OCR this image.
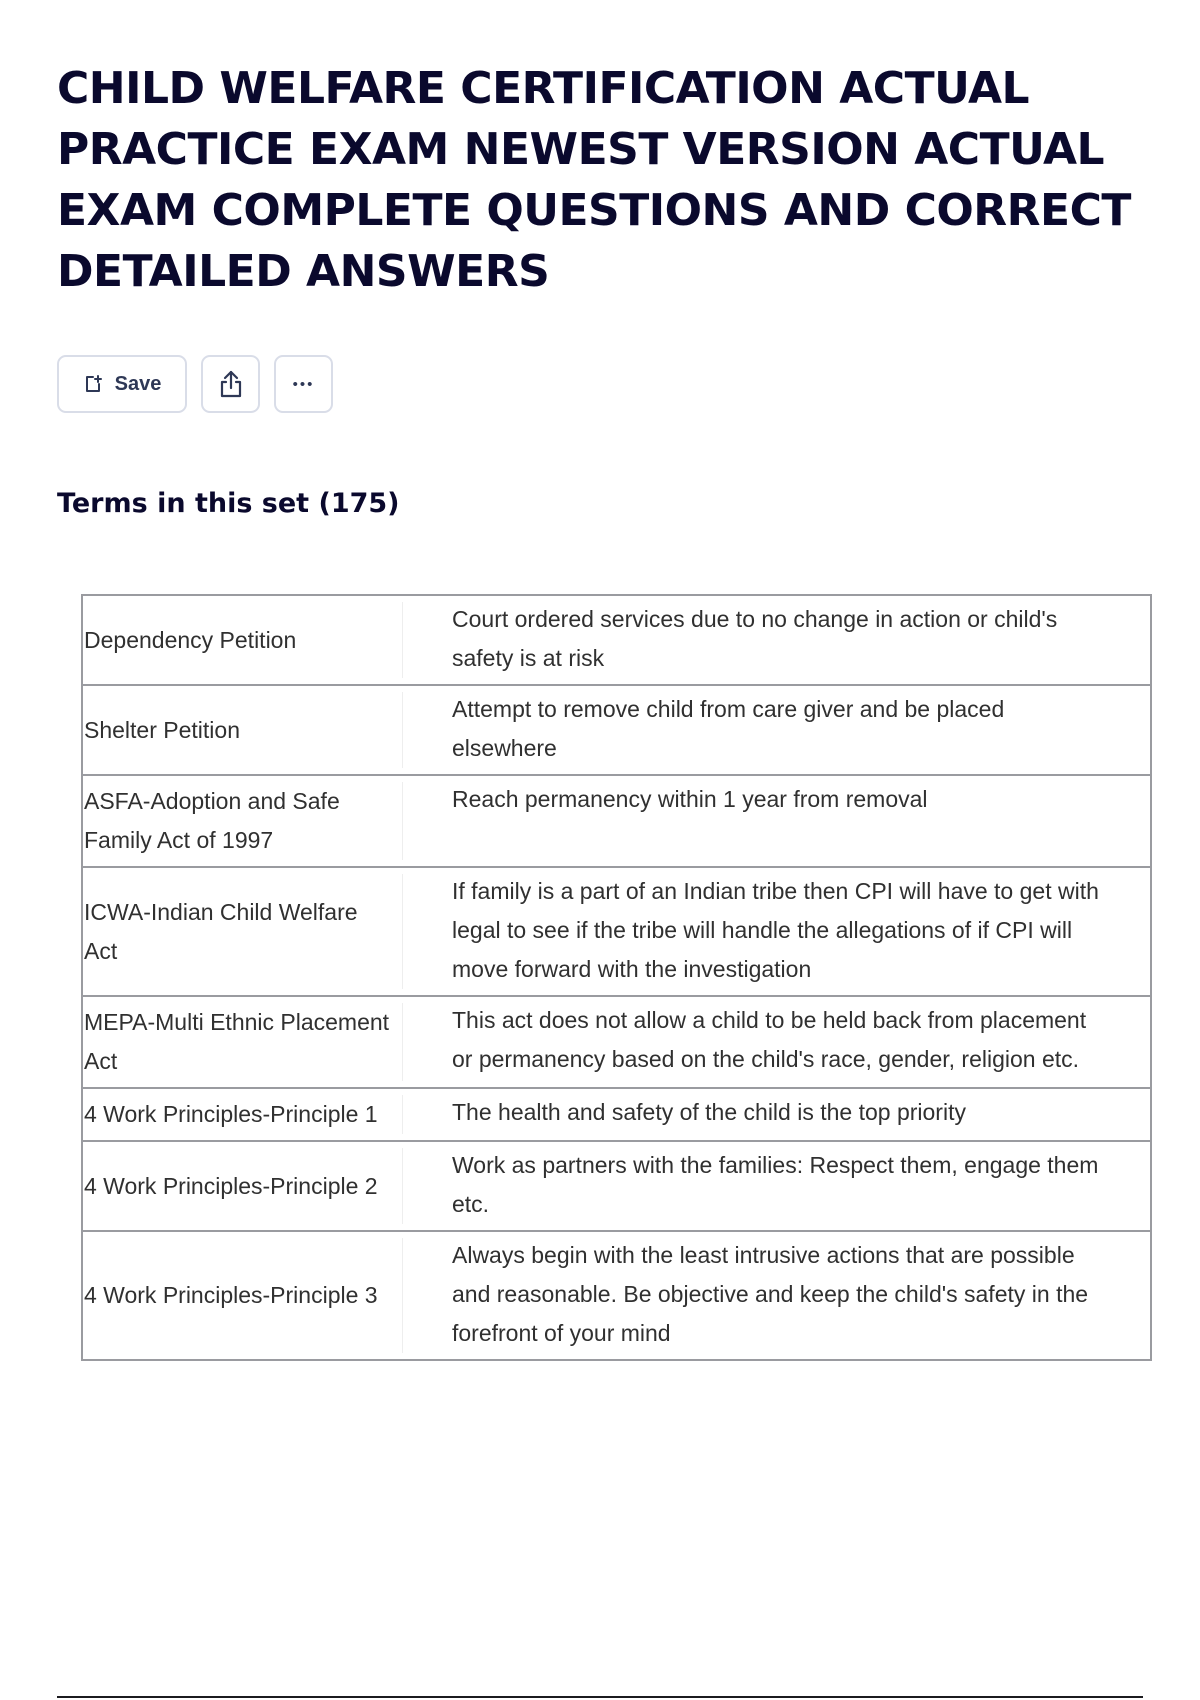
CHILD WELFARE CERTIFICATION ACTUAL PRACTICE EXAM NEWEST VERSION ACTUAL EXAM COMPLETE QUESTIONS AND CORRECT DETAILED ANSWERS
Save	•••
Terms in this set (175)
Dependency Petition
Court ordered services due to no change in action or child's safety is at risk
Shelter Petition
Attempt to remove child from care giver and be placed elsewhere
ASFA-Adoption and Safe Family Act of 1997
Reach permanency within 1 year from removal
ICWA-Indian Child Welfare Act
If family is a part of an Indian tribe then CPI will have to get with legal to see if the tribe will handle the allegations of if CPI will move forward with the investigation
MEPA-Multi Ethnic Placement Act
This act does not allow a child to be held back from placement or permanency based on the child's race, gender, religion etc.
4 Work Principles-Principle 1	The health and safety of the child is the top priority
4 Work Principles-Principle 2
Work as partners with the families: Respect them, engage them etc.
4 Work Principles-Principle 3
Always begin with the least intrusive actions that are possible and reasonable. Be objective and keep the child's safety in the forefront of your mind
